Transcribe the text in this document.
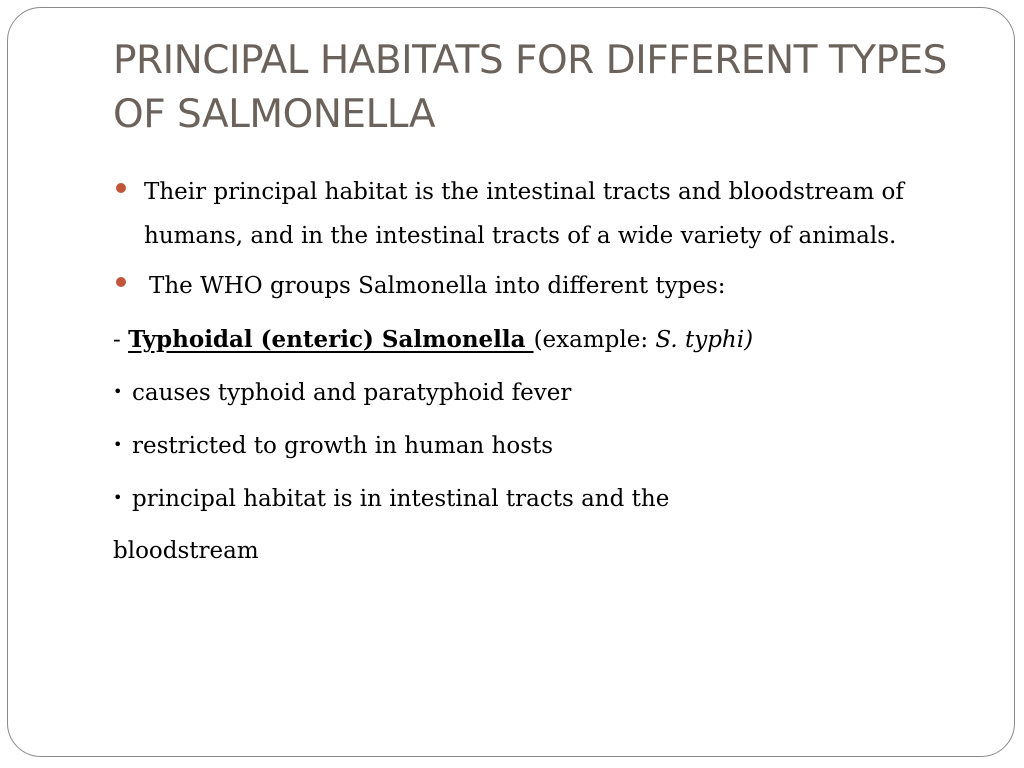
PRINCIPAL HABITATS FOR DIFFERENT TYPES OF SALMONELLA
Their principal habitat is the intestinal tracts and bloodstream of humans, and in the intestinal tracts of a wide variety of animals.
The WHO groups Salmonella into different types:
- Typhoidal (enteric) Salmonella (example: S. typhi)
• causes typhoid and paratyphoid fever
• restricted to growth in human hosts
• principal habitat is in intestinal tracts and the
bloodstream
